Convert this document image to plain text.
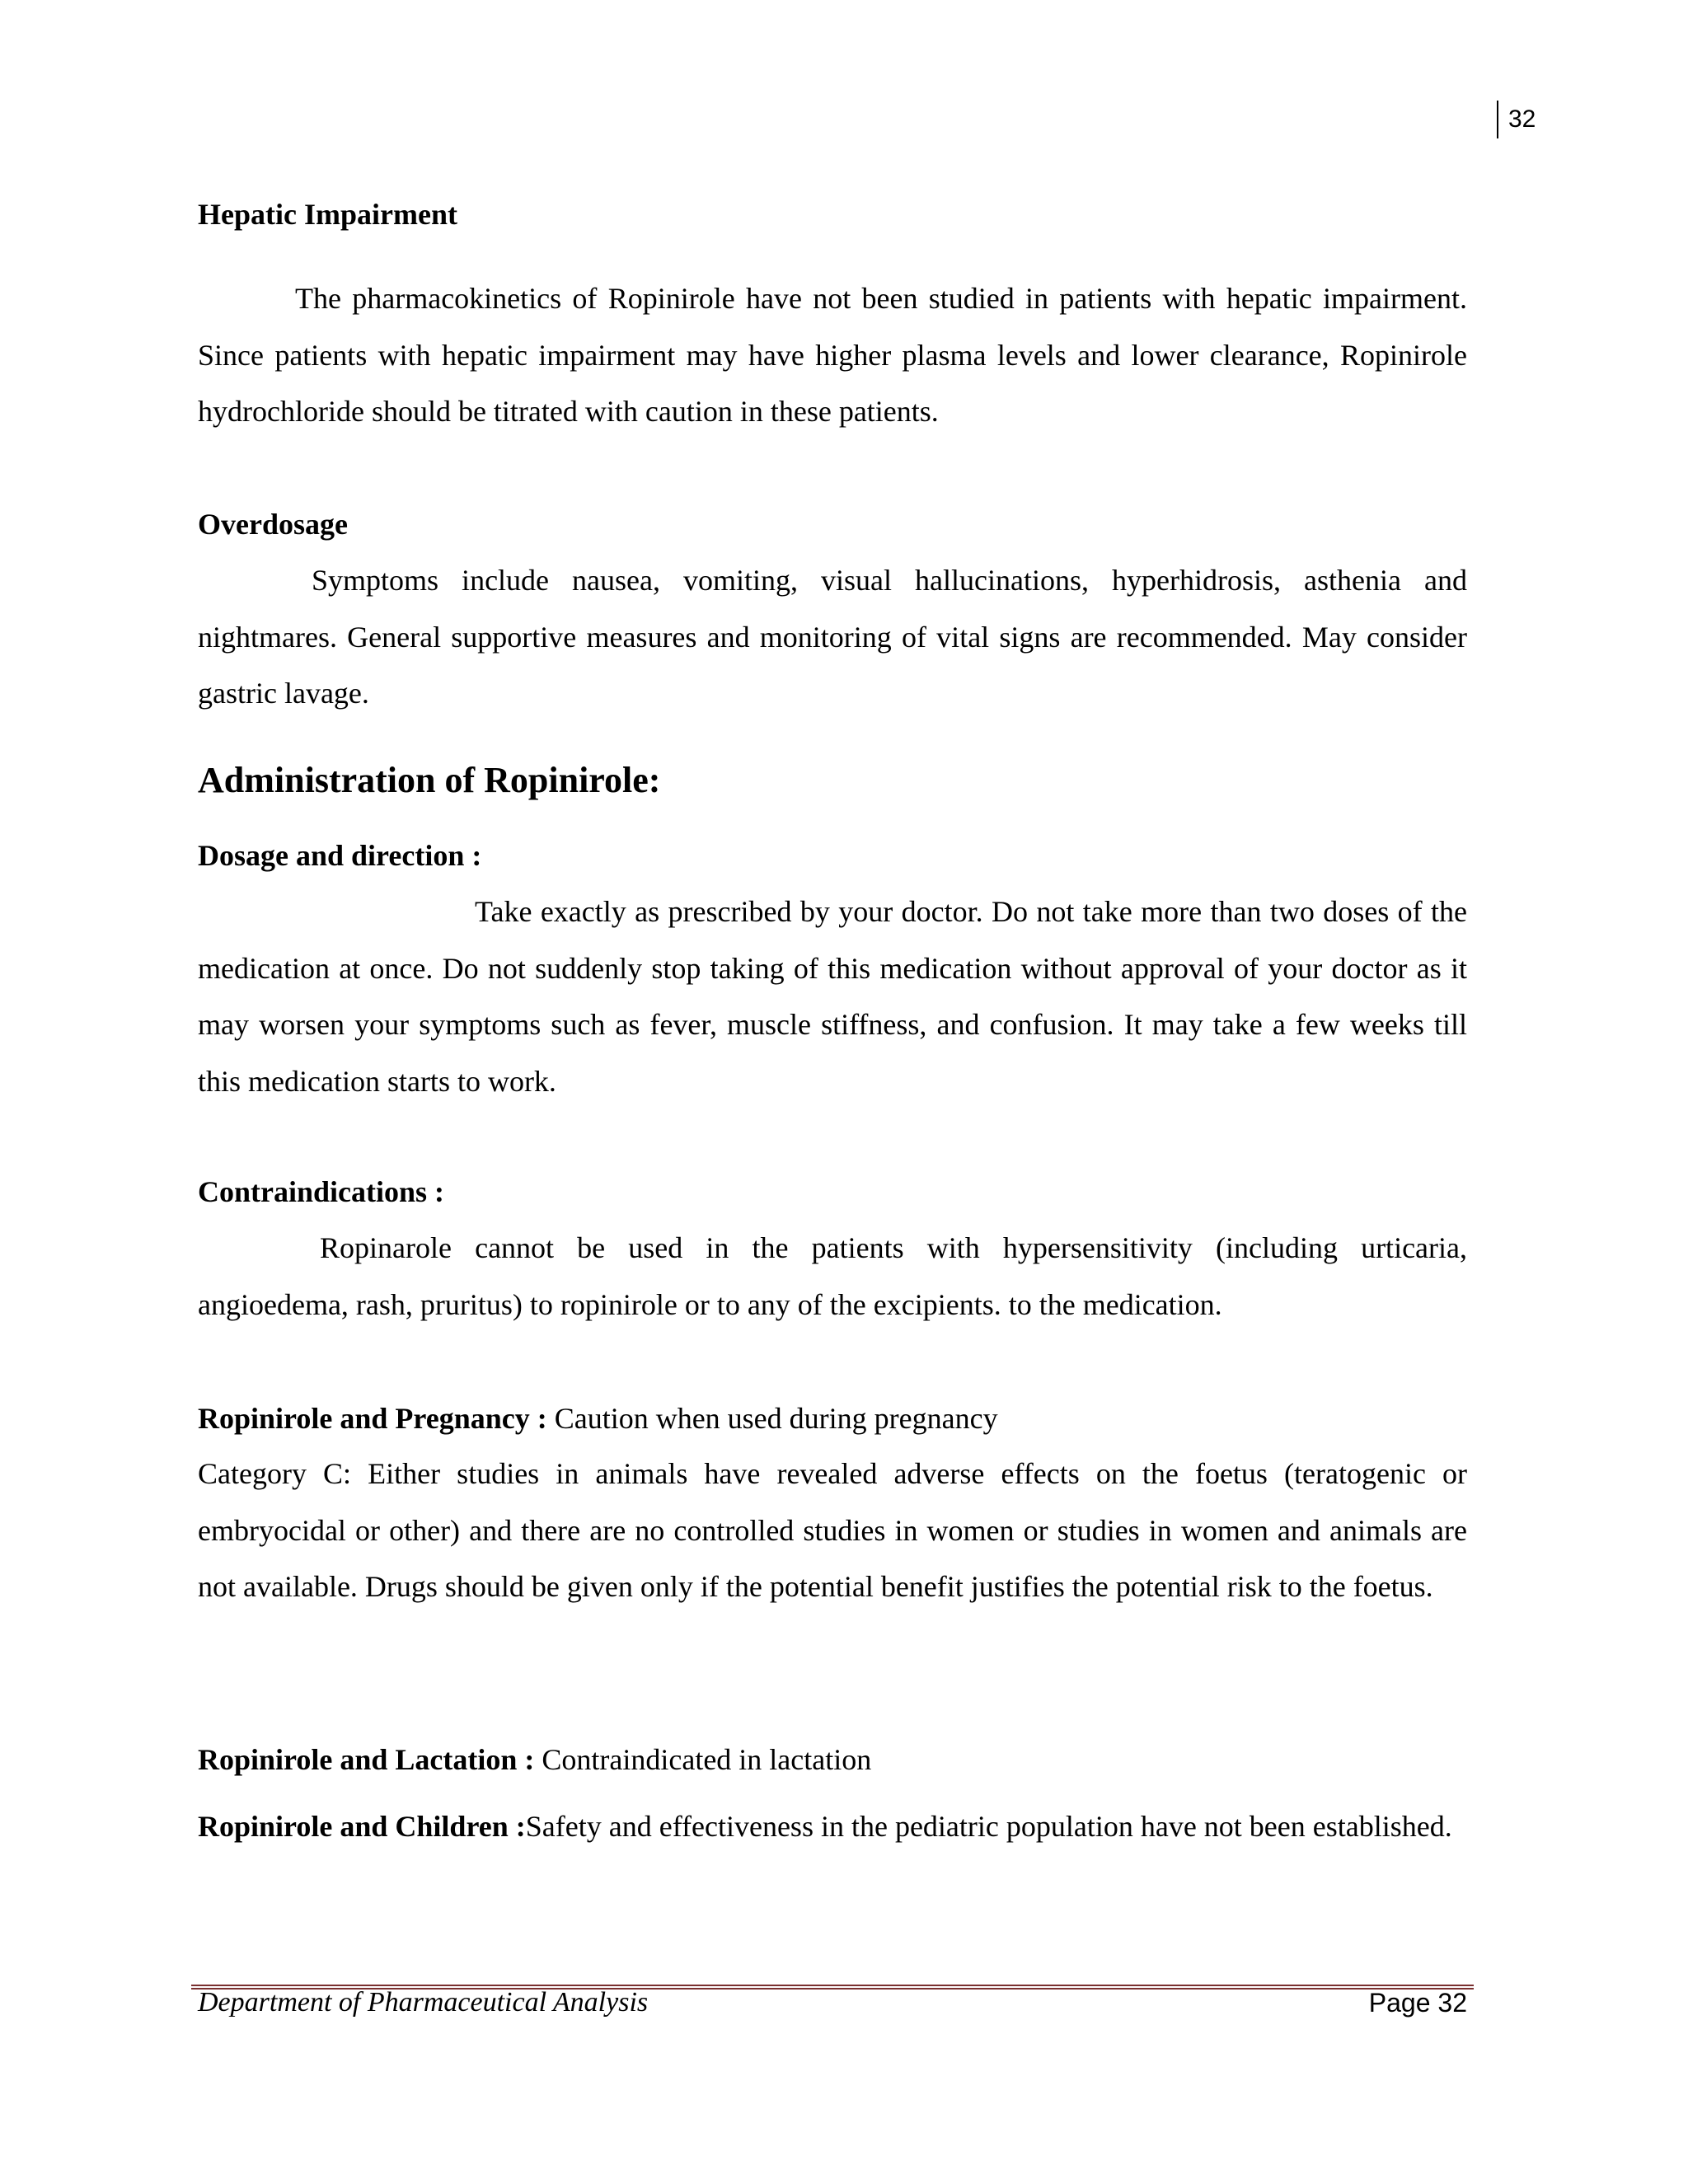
32
Hepatic Impairment

The pharmacokinetics of Ropinirole have not been studied in patients with hepatic impairment. Since patients with hepatic impairment may have higher plasma levels and lower clearance, Ropinirole hydrochloride should be titrated with caution in these patients.

Overdosage

Symptoms include nausea, vomiting, visual hallucinations, hyperhidrosis, asthenia and nightmares. General supportive measures and monitoring of vital signs are recommended. May consider gastric lavage.

Administration of Ropinirole:
Dosage and direction :

Take exactly as prescribed by your doctor. Do not take more than two doses of the medication at once. Do not suddenly stop taking of this medication without approval of your doctor as it may worsen your symptoms such as fever, muscle stiffness, and confusion. It may take a few weeks till this medication starts to work.

Contraindications :

Ropinarole cannot be used in the patients with hypersensitivity (including urticaria, angioedema, rash, pruritus) to ropinirole or to any of the excipients. to the medication.

Ropinirole and Pregnancy : Caution when used during pregnancy

Category C: Either studies in animals have revealed adverse effects on the foetus (teratogenic or embryocidal or other) and there are no controlled studies in women or studies in women and animals are not available. Drugs should be given only if the potential benefit justifies the potential risk to the foetus.

Ropinirole and Lactation : Contraindicated in lactation

Ropinirole and Children :Safety and effectiveness in the pediatric population have not been established.

Department of Pharmaceutical Analysis	Page 32
